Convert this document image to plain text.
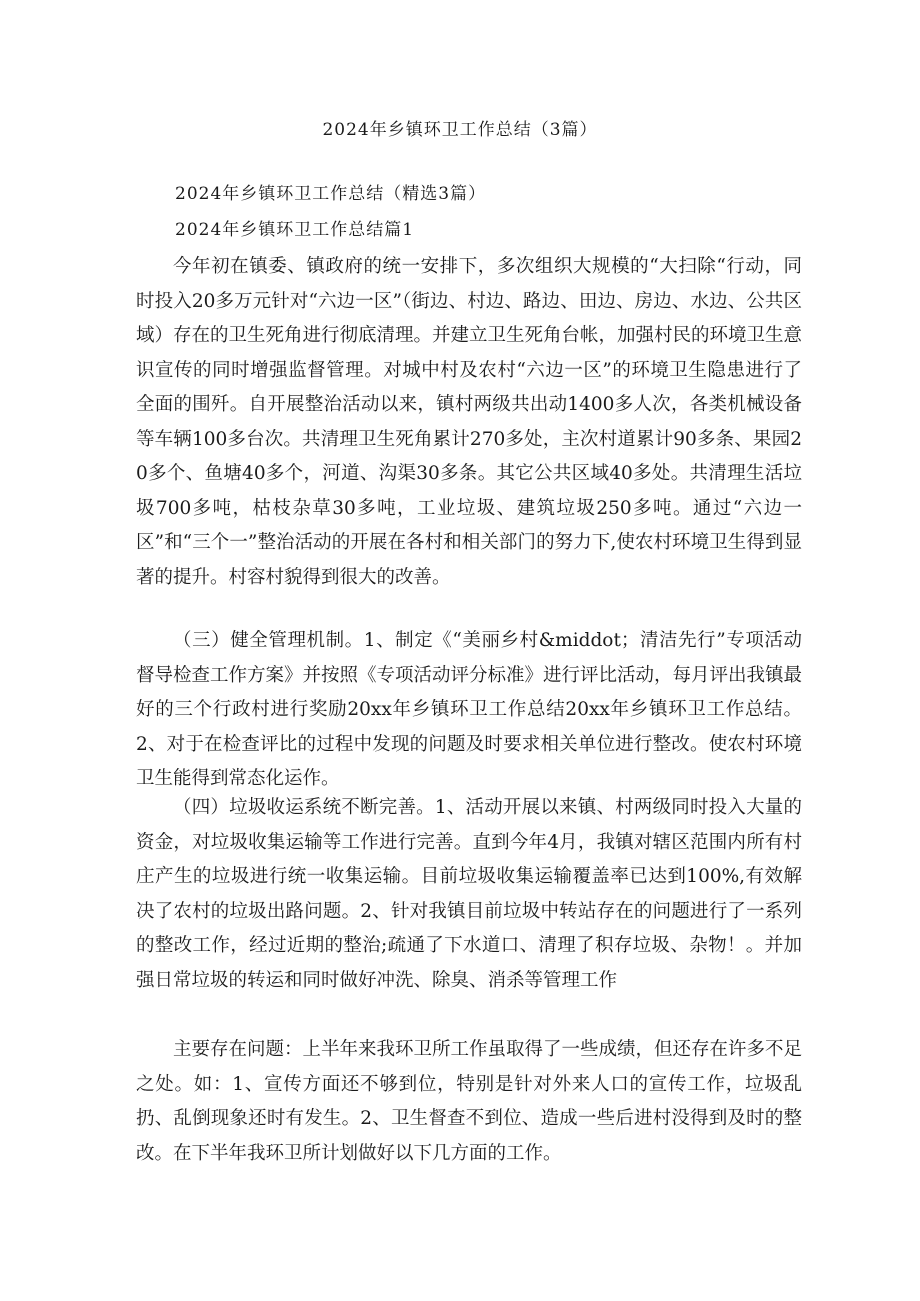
2024年乡镇环卫工作总结（3篇）
2024年乡镇环卫工作总结（精选3篇）
2024年乡镇环卫工作总结篇1

今年初在镇委、镇政府的统一安排下，多次组织大规模的“大扫除“行动，同时投入20多万元针对“六边一区”（街边、村边、路边、田边、房边、水边、公共区域）存在的卫生死角进行彻底清理。并建立卫生死角台帐，加强村民的环境卫生意识宣传的同时增强监督管理。对城中村及农村“六边一区”的环境卫生隐患进行了全面的围歼。自开展整治活动以来，镇村两级共出动1400多人次，各类机械设备等车辆100多台次。共清理卫生死角累计270多处，主次村道累计90多条、果园20多个、鱼塘40多个，河道、沟渠30多条。其它公共区域40多处。共清理生活垃圾700多吨，枯枝杂草30多吨，工业垃圾、建筑垃圾250多吨。通过“六边一区”和“三个一”整治活动的开展在各村和相关部门的努力下,使农村环境卫生得到显著的提升。村容村貌得到很大的改善。

（三）健全管理机制。1、制定《“美丽乡村&middot；清洁先行”专项活动督导检查工作方案》并按照《专项活动评分标准》进行评比活动，每月评出我镇最好的三个行政村进行奖励20xx年乡镇环卫工作总结20xx年乡镇环卫工作总结。2、对于在检查评比的过程中发现的问题及时要求相关单位进行整改。使农村环境卫生能得到常态化运作。

（四）垃圾收运系统不断完善。1、活动开展以来镇、村两级同时投入大量的资金，对垃圾收集运输等工作进行完善。直到今年4月，我镇对辖区范围内所有村庄产生的垃圾进行统一收集运输。目前垃圾收集运输覆盖率已达到100%,有效解决了农村的垃圾出路问题。2、针对我镇目前垃圾中转站存在的问题进行了一系列的整改工作，经过近期的整治;疏通了下水道口、清理了积存垃圾、杂物！。并加强日常垃圾的转运和同时做好冲洗、除臭、消杀等管理工作

主要存在问题：上半年来我环卫所工作虽取得了一些成绩，但还存在许多不足之处。如：1、宣传方面还不够到位，特别是针对外来人口的宣传工作，垃圾乱扔、乱倒现象还时有发生。2、卫生督查不到位、造成一些后进村没得到及时的整改。在下半年我环卫所计划做好以下几方面的工作。
